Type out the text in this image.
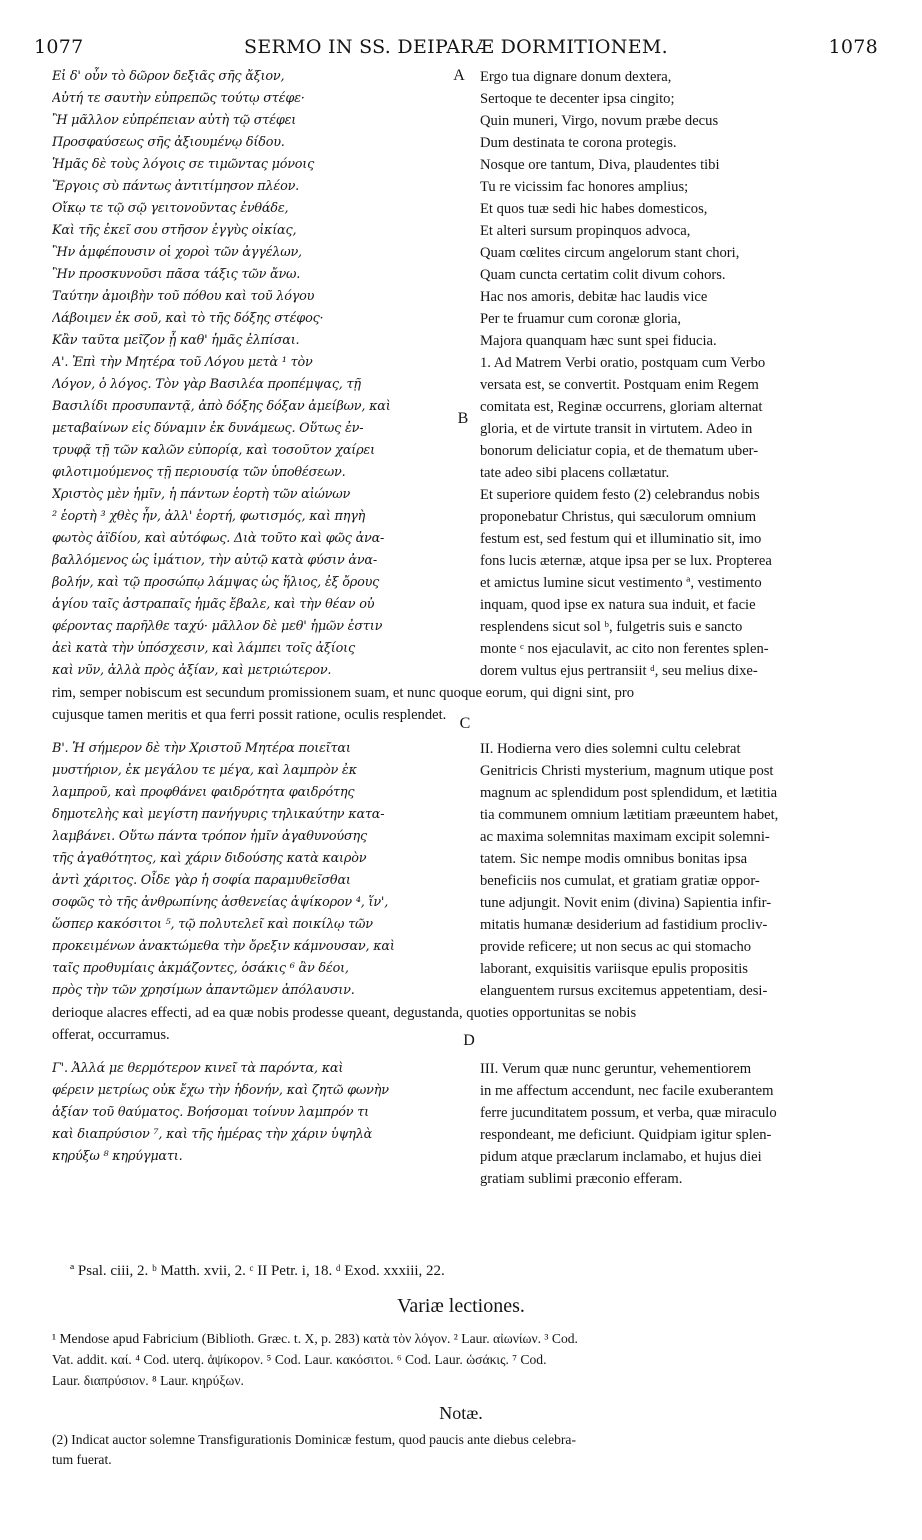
1077	SERMO IN SS. DEIPARÆ DORMITIONEM.	1078
A
B
C
D
Εἰ δ' οὖν τὸ δῶρον δεξιᾶς σῆς ἄξιον,
Αὐτή τε σαυτὴν εὐπρεπῶς τούτῳ στέφε·
Ἢ μᾶλλον εὐπρέπειαν αὐτὴ τῷ στέφει
Προσφαύσεως σῆς ἀξιουμένῳ δίδου.
Ἡμᾶς δὲ τοὺς λόγοις σε τιμῶντας μόνοις
Ἔργοις σὺ πάντως ἀντιτίμησον πλέον.
Οἴκῳ τε τῷ σῷ γειτονοῦντας ἐνθάδε,
Καὶ τῆς ἐκεῖ σου στῆσον ἐγγὺς οἰκίας,
Ἣν ἀμφέπουσιν οἱ χοροὶ τῶν ἀγγέλων,
Ἣν προσκυνοῦσι πᾶσα τάξις τῶν ἄνω.
Ταύτην ἀμοιβὴν τοῦ πόθου καὶ τοῦ λόγου
Λάβοιμεν ἐκ σοῦ, καὶ τὸ τῆς δόξης στέφος·
Κἂν ταῦτα μεῖζον ᾖ καθ' ἡμᾶς ἐλπίσαι.
Α'. Ἐπὶ τὴν Μητέρα τοῦ Λόγου μετὰ ¹ τὸν
Λόγον, ὁ λόγος. Τὸν γὰρ Βασιλέα προπέμψας, τῇ
Βασιλίδι προσυπαντᾷ, ἀπὸ δόξης δόξαν ἀμείβων, καὶ
μεταβαίνων εἰς δύναμιν ἐκ δυνάμεως. Οὕτως ἐν-
τρυφᾷ τῇ τῶν καλῶν εὐπορίᾳ, καὶ τοσοῦτον χαίρει
φιλοτιμούμενος τῇ περιουσίᾳ τῶν ὑποθέσεων.
Χριστὸς μὲν ἡμῖν, ἡ πάντων ἑορτὴ τῶν αἰώνων
² ἑορτὴ ³ χθὲς ἦν, ἀλλ' ἑορτή, φωτισμός, καὶ πηγὴ
φωτὸς ἀϊδίου, καὶ αὐτόφως. Διὰ τοῦτο καὶ φῶς ἀνα-
βαλλόμενος ὡς ἱμάτιον, τὴν αὐτῷ κατὰ φύσιν ἀνα-
βολήν, καὶ τῷ προσώπῳ λάμψας ὡς ἥλιος, ἐξ ὄρους
ἁγίου ταῖς ἀστραπαῖς ἡμᾶς ἔβαλε, καὶ τὴν θέαν οὐ
φέροντας παρῆλθε ταχύ· μᾶλλον δὲ μεθ' ἡμῶν ἐστιν
ἀεὶ κατὰ τὴν ὑπόσχεσιν, καὶ λάμπει τοῖς ἀξίοις
καὶ νῦν, ἀλλὰ πρὸς ἀξίαν, καὶ μετριώτερον.
Ergo tua dignare donum dextera,
Sertoque te decenter ipsa cingito;
Quin muneri, Virgo, novum præbe decus
Dum destinata te corona protegis.
Nosque ore tantum, Diva, plaudentes tibi
Tu re vicissim fac honores amplius;
Et quos tuæ sedi hic habes domesticos,
Et alteri sursum propinquos advoca,
Quam cœlites circum angelorum stant chori,
Quam cuncta certatim colit divum cohors.
Hac nos amoris, debitæ hac laudis vice
Per te fruamur cum coronæ gloria,
Majora quanquam hæc sunt spei fiducia.
1. Ad Matrem Verbi oratio, postquam cum Verbo
versata est, se convertit. Postquam enim Regem
comitata est, Reginæ occurrens, gloriam alternat
gloria, et de virtute transit in virtutem. Adeo in
bonorum deliciatur copia, et de thematum uber-
tate adeo sibi placens collætatur.
Et superiore quidem festo (2) celebrandus nobis
proponebatur Christus, qui sæculorum omnium
festum est, sed festum qui et illuminatio sit, imo
fons lucis æternæ, atque ipsa per se lux. Propterea
et amictus lumine sicut vestimento ª, vestimento
inquam, quod ipse ex natura sua induit, et facie
resplendens sicut sol ᵇ, fulgetris suis e sancto
monte ᶜ nos ejaculavit, ac cito non ferentes splen-
dorem vultus ejus pertransiit ᵈ, seu melius dixe-
rim, semper nobiscum est secundum promissionem suam, et nunc quoque eorum, qui digni sint, pro
cujusque tamen meritis et qua ferri possit ratione, oculis resplendet.
Β'. Ἡ σήμερον δὲ τὴν Χριστοῦ Μητέρα ποιεῖται
μυστήριον, ἐκ μεγάλου τε μέγα, καὶ λαμπρὸν ἐκ
λαμπροῦ, καὶ προφθάνει φαιδρότητα φαιδρότης
δημοτελὴς καὶ μεγίστη πανήγυρις τηλικαύτην κατα-
λαμβάνει. Οὕτω πάντα τρόπον ἡμῖν ἀγαθυνούσης
τῆς ἀγαθότητος, καὶ χάριν διδούσης κατὰ καιρὸν
ἀντὶ χάριτος. Οἶδε γὰρ ἡ σοφία παραμυθεῖσθαι
σοφῶς τὸ τῆς ἀνθρωπίνης ἀσθενείας ἁψίκορον ⁴, ἵν',
ὥσπερ κακόσιτοι ⁵, τῷ πολυτελεῖ καὶ ποικίλῳ τῶν
προκειμένων ἀνακτώμεθα τὴν ὄρεξιν κάμνουσαν, καὶ
ταῖς προθυμίαις ἀκμάζοντες, ὁσάκις ⁶ ἂν δέοι,
πρὸς τὴν τῶν χρησίμων ἀπαντῶμεν ἀπόλαυσιν.
II. Hodierna vero dies solemni cultu celebrat
Genitricis Christi mysterium, magnum utique post
magnum ac splendidum post splendidum, et lætitia
tia communem omnium lætitiam præeuntem habet,
ac maxima solemnitas maximam excipit solemni-
tatem. Sic nempe modis omnibus bonitas ipsa
beneficiis nos cumulat, et gratiam gratiæ oppor-
tune adjungit. Novit enim (divina) Sapientia infir-
mitatis humanæ desiderium ad fastidium procliv-
provide reficere; ut non secus ac qui stomacho
laborant, exquisitis variisque epulis propositis
elanguentem rursus excitemus appetentiam, desi-
derioque alacres effecti, ad ea quæ nobis prodesse queant, degustanda, quoties opportunitas se nobis
offerat, occurramus.
Γ'. Ἀλλά με θερμότερον κινεῖ τὰ παρόντα, καὶ
φέρειν μετρίως οὐκ ἔχω τὴν ἡδονήν, καὶ ζητῶ φωνὴν
ἀξίαν τοῦ θαύματος. Βοήσομαι τοίνυν λαμπρόν τι
καὶ διαπρύσιον ⁷, καὶ τῆς ἡμέρας τὴν χάριν ὑψηλὰ
κηρύξω ⁸ κηρύγματι.
III. Verum quæ nunc geruntur, vehementiorem
in me affectum accendunt, nec facile exuberantem
ferre jucunditatem possum, et verba, quæ miraculo
respondeant, me deficiunt. Quidpiam igitur splen-
pidum atque præclarum inclamabo, et hujus diei
gratiam sublimi præconio efferam.
ª Psal. ciii, 2. ᵇ Matth. xvii, 2. ᶜ II Petr. i, 18. ᵈ Exod. xxxiii, 22.
Variæ lectiones.
¹ Mendose apud Fabricium (Biblioth. Græc. t. X, p. 283) κατὰ τὸν λόγον. ² Laur. αἰωνίων. ³ Cod.
Vat. addit. καί. ⁴ Cod. uterq. ἁψίκορον. ⁵ Cod. Laur. κακόσιτοι. ⁶ Cod. Laur. ὡσάκις. ⁷ Cod.
Laur. διαπρύσιον. ⁸ Laur. κηρύξων.
Notæ.
(2) Indicat auctor solemne Transfigurationis Dominicæ festum, quod paucis ante diebus celebra-
tum fuerat.
